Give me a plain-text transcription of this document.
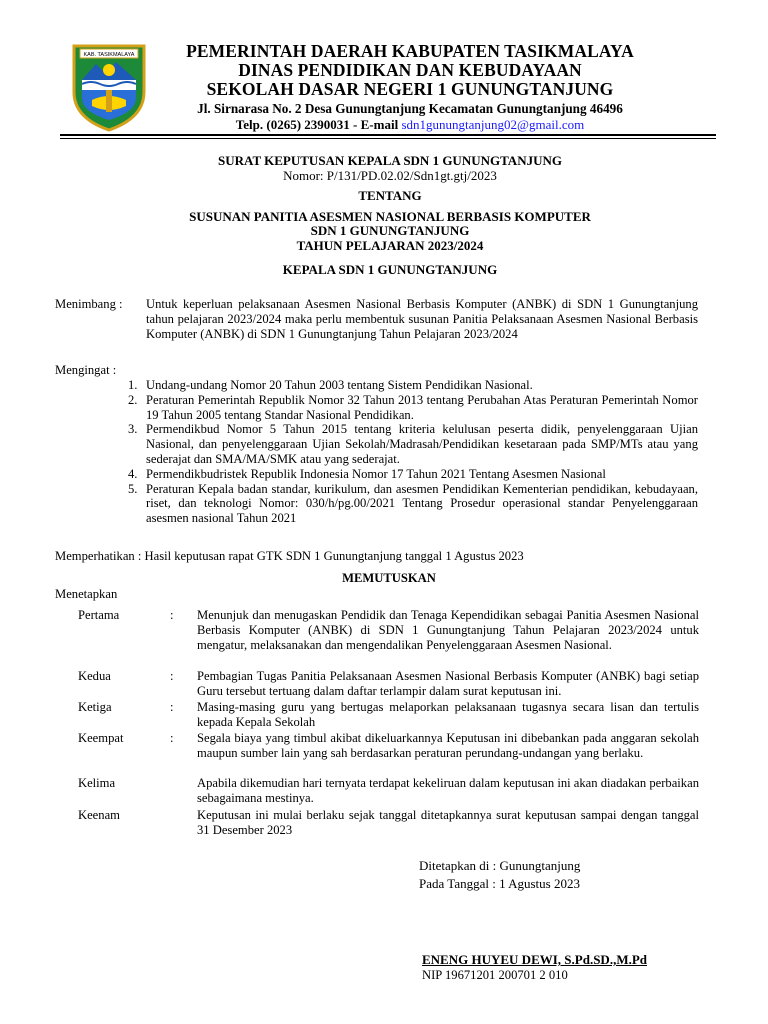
KAB. TASIKMALAYA	PEMERINTAH DAERAH KABUPATEN TASIKMALAYA
DINAS PENDIDIKAN DAN KEBUDAYAAN
SEKOLAH DASAR NEGERI 1 GUNUNGTANJUNG
Jl. Sirnarasa No. 2 Desa Gunungtanjung Kecamatan Gunungtanjung 46496
Telp. (0265) 2390031 - E-mail sdn1gunungtanjung02@gmail.com
SURAT KEPUTUSAN KEPALA SDN 1 GUNUNGTANJUNG
Nomor: P/131/PD.02.02/Sdn1gt.gtj/2023
TENTANG
SUSUNAN PANITIA ASESMEN NASIONAL BERBASIS KOMPUTER
SDN 1 GUNUNGTANJUNG
TAHUN PELAJARAN 2023/2024
KEPALA SDN 1 GUNUNGTANJUNG
Menimbang : Untuk keperluan pelaksanaan Asesmen Nasional Berbasis Komputer (ANBK) di SDN 1 Gunungtanjung tahun pelajaran 2023/2024 maka perlu membentuk susunan Panitia Pelaksanaan Asesmen Nasional Berbasis Komputer (ANBK) di SDN 1 Gunungtanjung Tahun Pelajaran 2023/2024
Mengingat :
1. Undang-undang Nomor 20 Tahun 2003 tentang Sistem Pendidikan Nasional.
2. Peraturan Pemerintah Republik Nomor 32 Tahun 2013 tentang Perubahan Atas Peraturan Pemerintah Nomor 19 Tahun 2005 tentang Standar Nasional Pendidikan.
3. Permendikbud Nomor 5 Tahun 2015 tentang kriteria kelulusan peserta didik, penyelenggaraan Ujian Nasional, dan penyelenggaraan Ujian Sekolah/Madrasah/Pendidikan kesetaraan pada SMP/MTs atau yang sederajat dan SMA/MA/SMK atau yang sederajat.
4. Permendikbudristek Republik Indonesia Nomor 17 Tahun 2021 Tentang Asesmen Nasional
5. Peraturan Kepala badan standar, kurikulum, dan asesmen Pendidikan Kementerian pendidikan, kebudayaan, riset, dan teknologi Nomor: 030/h/pg.00/2021 Tentang Prosedur operasional standar Penyelenggaraan asesmen nasional Tahun 2021
Memperhatikan : Hasil keputusan rapat GTK SDN 1 Gunungtanjung tanggal 1 Agustus 2023
MEMUTUSKAN
Menetapkan
Pertama	: Menunjuk dan menugaskan Pendidik dan Tenaga Kependidikan sebagai Panitia Asesmen Nasional Berbasis Komputer (ANBK) di SDN 1 Gunungtanjung Tahun Pelajaran 2023/2024 untuk mengatur, melaksanakan dan mengendalikan Penyelenggaraan Asesmen Nasional.
Kedua	: Pembagian Tugas Panitia Pelaksanaan Asesmen Nasional Berbasis Komputer (ANBK) bagi setiap Guru tersebut tertuang dalam daftar terlampir dalam surat keputusan ini.
Ketiga	: Masing-masing guru yang bertugas melaporkan pelaksanaan tugasnya secara lisan dan tertulis kepada Kepala Sekolah
Keempat	: Segala biaya yang timbul akibat dikeluarkannya Keputusan ini dibebankan pada anggaran sekolah maupun sumber lain yang sah berdasarkan peraturan perundang-undangan yang berlaku.
Kelima	Apabila dikemudian hari ternyata terdapat kekeliruan dalam keputusan ini akan diadakan perbaikan sebagaimana mestinya.
Keenam	Keputusan ini mulai berlaku sejak tanggal ditetapkannya surat keputusan sampai dengan tanggal 31 Desember 2023
Ditetapkan di : Gunungtanjung
Pada Tanggal : 1 Agustus 2023
ENENG HUYEU DEWI, S.Pd.SD.,M.Pd
NIP 19671201 200701 2 010
